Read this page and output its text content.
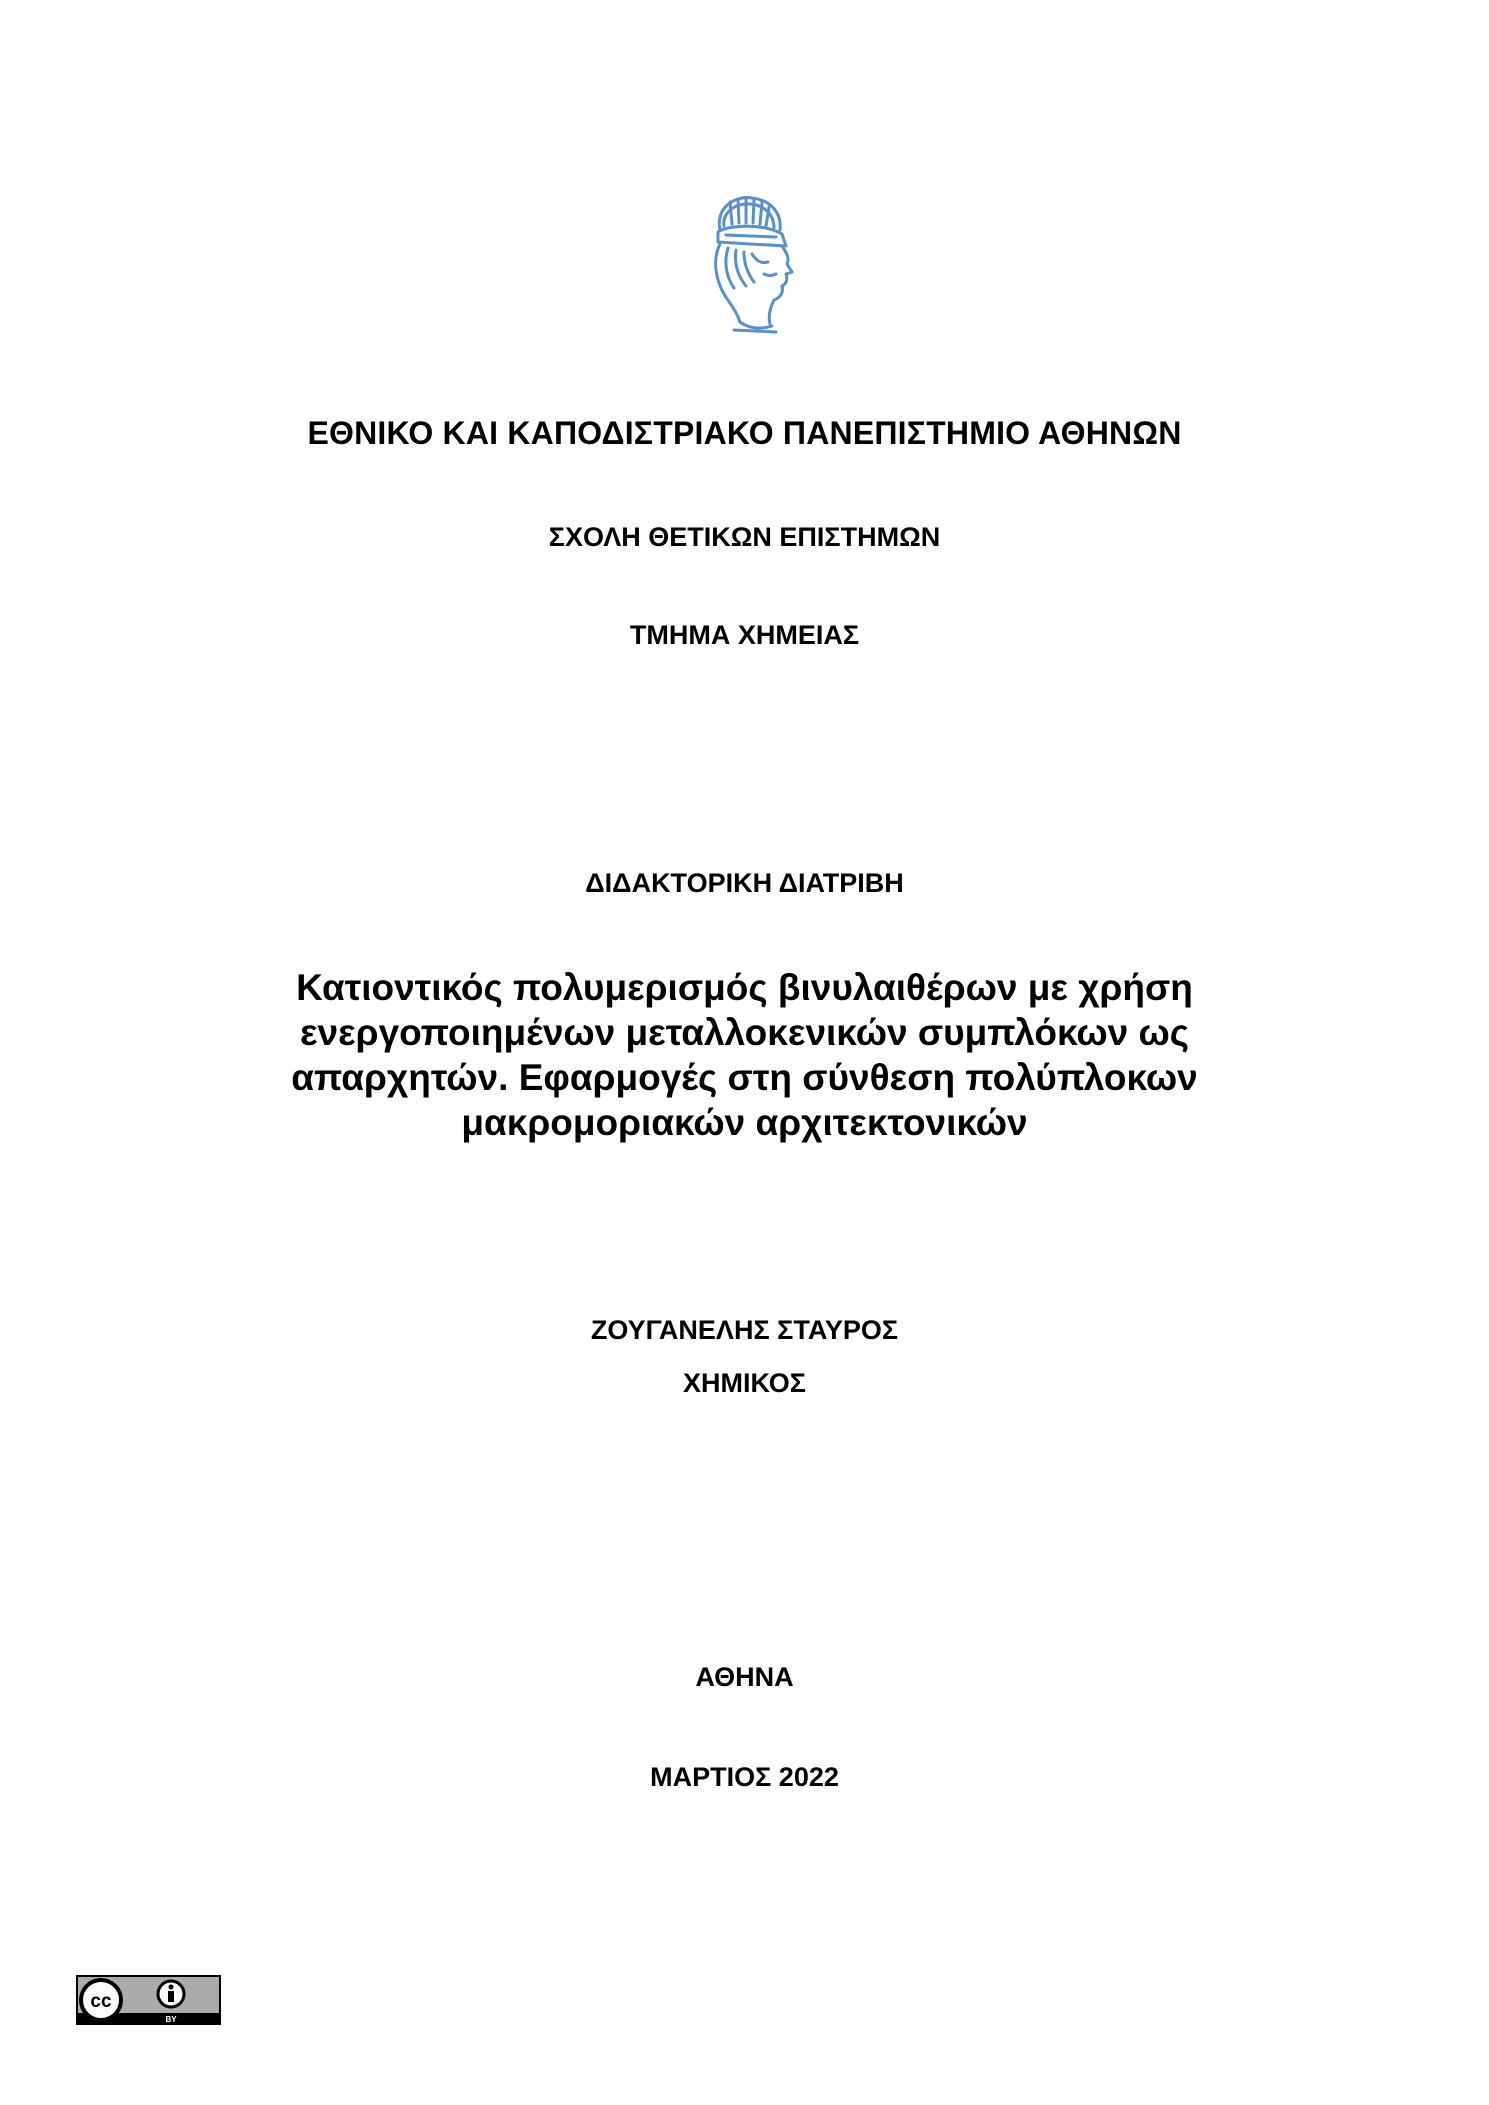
ΕΘΝΙΚΟ ΚΑΙ ΚΑΠΟΔΙΣΤΡΙΑΚΟ ΠΑΝΕΠΙΣΤΗΜΙΟ ΑΘΗΝΩΝ
ΣΧΟΛΗ ΘΕΤΙΚΩΝ ΕΠΙΣΤΗΜΩΝ
ΤΜΗΜΑ ΧΗΜΕΙΑΣ
ΔΙΔΑΚΤΟΡΙΚΗ ΔΙΑΤΡΙΒΗ
Κατιοντικός πολυμερισμός βινυλαιθέρων με χρήση
ενεργοποιημένων μεταλλοκενικών συμπλόκων ως
απαρχητών. Εφαρμογές στη σύνθεση πολύπλοκων
μακρομοριακών αρχιτεκτονικών
ΖΟΥΓΑΝΕΛΗΣ ΣΤΑΥΡΟΣ
ΧΗΜΙΚΟΣ
ΑΘΗΝΑ
ΜΑΡΤΙΟΣ 2022
cc
BY
